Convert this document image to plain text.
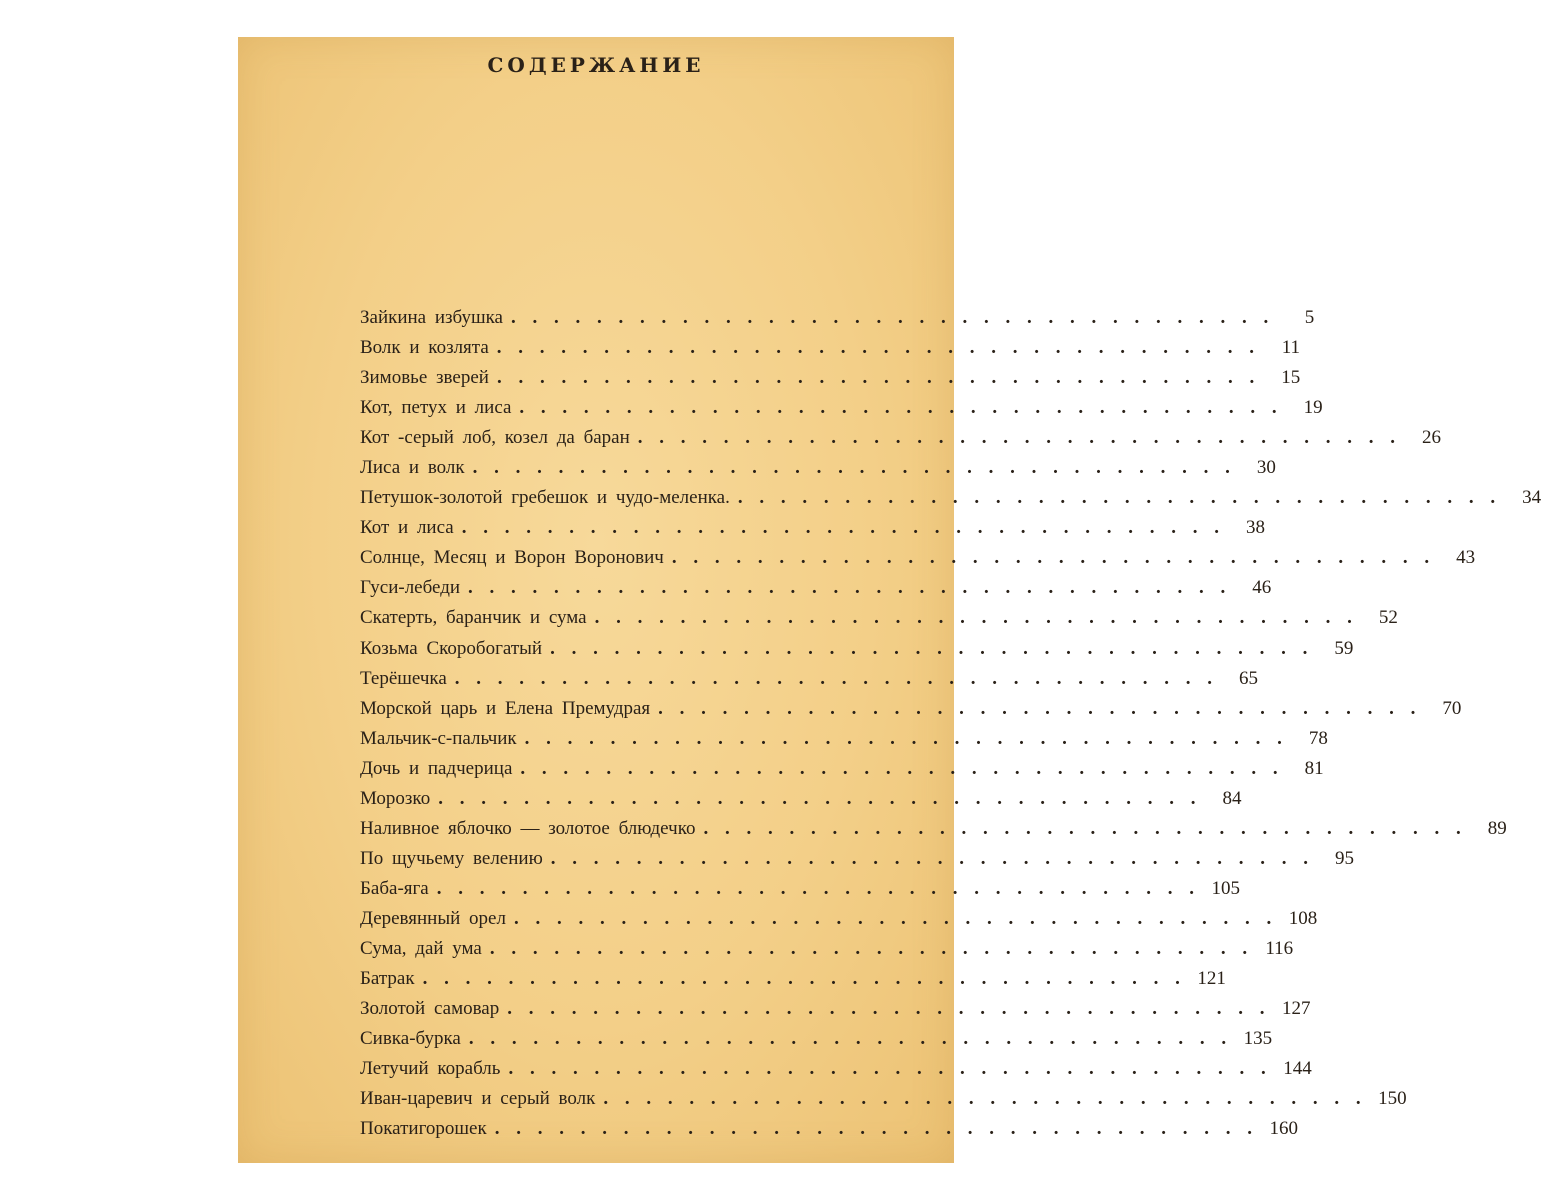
СОДЕРЖАНИЕ
Зайкина избушка . . . . . . . . . . . . . . . . . . . . . . . . . . . . . . . . . . . .	5
Волк и козлята . . . . . . . . . . . . . . . . . . . . . . . . . . . . . . . . . . . .	11
Зимовье зверей . . . . . . . . . . . . . . . . . . . . . . . . . . . . . . . . . . . .	15
Кот, петух и лиса . . . . . . . . . . . . . . . . . . . . . . . . . . . . . . . . . . . .	19
Кот -серый лоб, козел да баран . . . . . . . . . . . . . . . . . . . . . . . . . . . . . . . . . . . .	26
Лиса и волк . . . . . . . . . . . . . . . . . . . . . . . . . . . . . . . . . . . .	30
Петушок-золотой гребешок и чудо-меленка. . . . . . . . . . . . . . . . . . . . . . . . . . . . . . . . . . . . .	34
Кот и лиса . . . . . . . . . . . . . . . . . . . . . . . . . . . . . . . . . . . .	38
Солнце, Месяц и Ворон Воронович . . . . . . . . . . . . . . . . . . . . . . . . . . . . . . . . . . . .	43
Гуси-лебеди . . . . . . . . . . . . . . . . . . . . . . . . . . . . . . . . . . . .	46
Скатерть, баранчик и сума . . . . . . . . . . . . . . . . . . . . . . . . . . . . . . . . . . . .	52
Козьма Скоробогатый . . . . . . . . . . . . . . . . . . . . . . . . . . . . . . . . . . . .	59
Терёшечка . . . . . . . . . . . . . . . . . . . . . . . . . . . . . . . . . . . .	65
Морской царь и Елена Премудрая . . . . . . . . . . . . . . . . . . . . . . . . . . . . . . . . . . . .	70
Мальчик-с-пальчик . . . . . . . . . . . . . . . . . . . . . . . . . . . . . . . . . . . .	78
Дочь и падчерица . . . . . . . . . . . . . . . . . . . . . . . . . . . . . . . . . . . .	81
Морозко . . . . . . . . . . . . . . . . . . . . . . . . . . . . . . . . . . . .	84
Наливное яблочко — золотое блюдечко . . . . . . . . . . . . . . . . . . . . . . . . . . . . . . . . . . . .	89
По щучьему велению . . . . . . . . . . . . . . . . . . . . . . . . . . . . . . . . . . . .	95
Баба-яга . . . . . . . . . . . . . . . . . . . . . . . . . . . . . . . . . . . . 105
Деревянный орел . . . . . . . . . . . . . . . . . . . . . . . . . . . . . . . . . . . . 108
Сума, дай ума . . . . . . . . . . . . . . . . . . . . . . . . . . . . . . . . . . . . 116
Батрак . . . . . . . . . . . . . . . . . . . . . . . . . . . . . . . . . . . . 121
Золотой самовар . . . . . . . . . . . . . . . . . . . . . . . . . . . . . . . . . . . . 127
Сивка-бурка . . . . . . . . . . . . . . . . . . . . . . . . . . . . . . . . . . . . 135
Летучий корабль . . . . . . . . . . . . . . . . . . . . . . . . . . . . . . . . . . . . 144
Иван-царевич и серый волк . . . . . . . . . . . . . . . . . . . . . . . . . . . . . . . . . . . . 150
Покатигорошек . . . . . . . . . . . . . . . . . . . . . . . . . . . . . . . . . . . . 160
